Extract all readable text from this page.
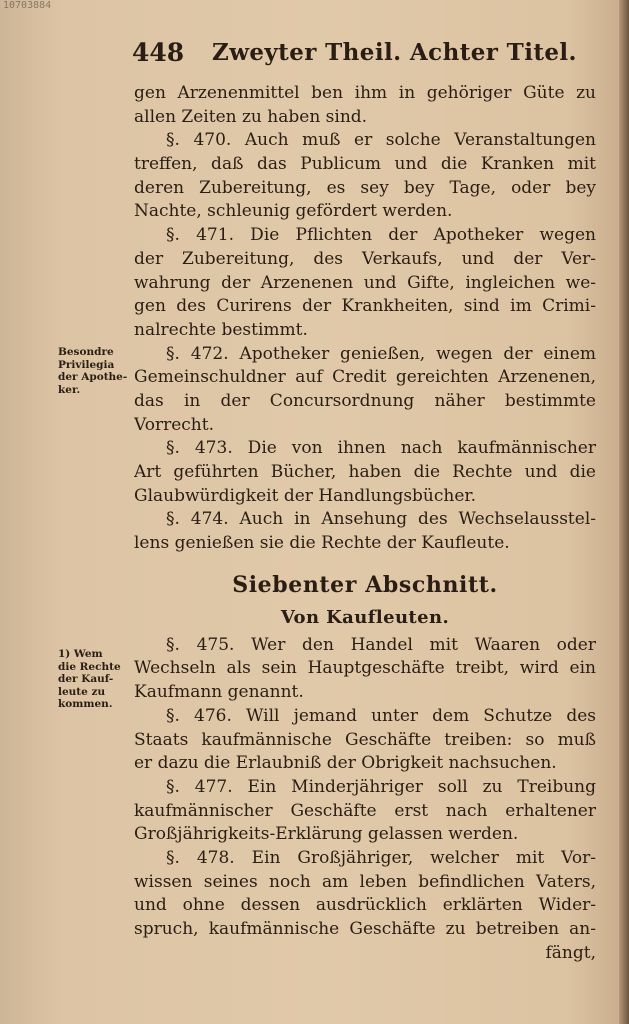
10703884
448 Zweyter Theil. Achter Titel.
Besondre
Privilegia
der Apothe-
ker.
1) Wem
die Rechte
der Kauf-
leute zu
kommen.
gen Arzenenmittel ben ihm in gehöriger Güte zu
allen Zeiten zu haben sind.
§. 470. Auch muß er solche Veranstaltungen
treffen, daß das Publicum und die Kranken mit
deren Zubereitung, es sey bey Tage, oder bey
Nachte, schleunig gefördert werden.
§. 471. Die Pflichten der Apotheker wegen
der Zubereitung, des Verkaufs, und der Ver-
wahrung der Arzenenen und Gifte, ingleichen we-
gen des Curirens der Krankheiten, sind im Crimi-
nalrechte bestimmt.
§. 472. Apotheker genießen, wegen der einem
Gemeinschuldner auf Credit gereichten Arzenenen,
das in der Concursordnung näher bestimmte
Vorrecht.
§. 473. Die von ihnen nach kaufmännischer
Art geführten Bücher, haben die Rechte und die
Glaubwürdigkeit der Handlungsbücher.
§. 474. Auch in Ansehung des Wechselausstel-
lens genießen sie die Rechte der Kaufleute.
Siebenter Abschnitt.
Von Kaufleuten.
§. 475. Wer den Handel mit Waaren oder
Wechseln als sein Hauptgeschäfte treibt, wird ein
Kaufmann genannt.
§. 476. Will jemand unter dem Schutze des
Staats kaufmännische Geschäfte treiben: so muß
er dazu die Erlaubniß der Obrigkeit nachsuchen.
§. 477. Ein Minderjähriger soll zu Treibung
kaufmännischer Geschäfte erst nach erhaltener
Großjährigkeits-Erklärung gelassen werden.
§. 478. Ein Großjähriger, welcher mit Vor-
wissen seines noch am leben befindlichen Vaters,
und ohne dessen ausdrücklich erklärten Wider-
spruch, kaufmännische Geschäfte zu betreiben an-
fängt,
